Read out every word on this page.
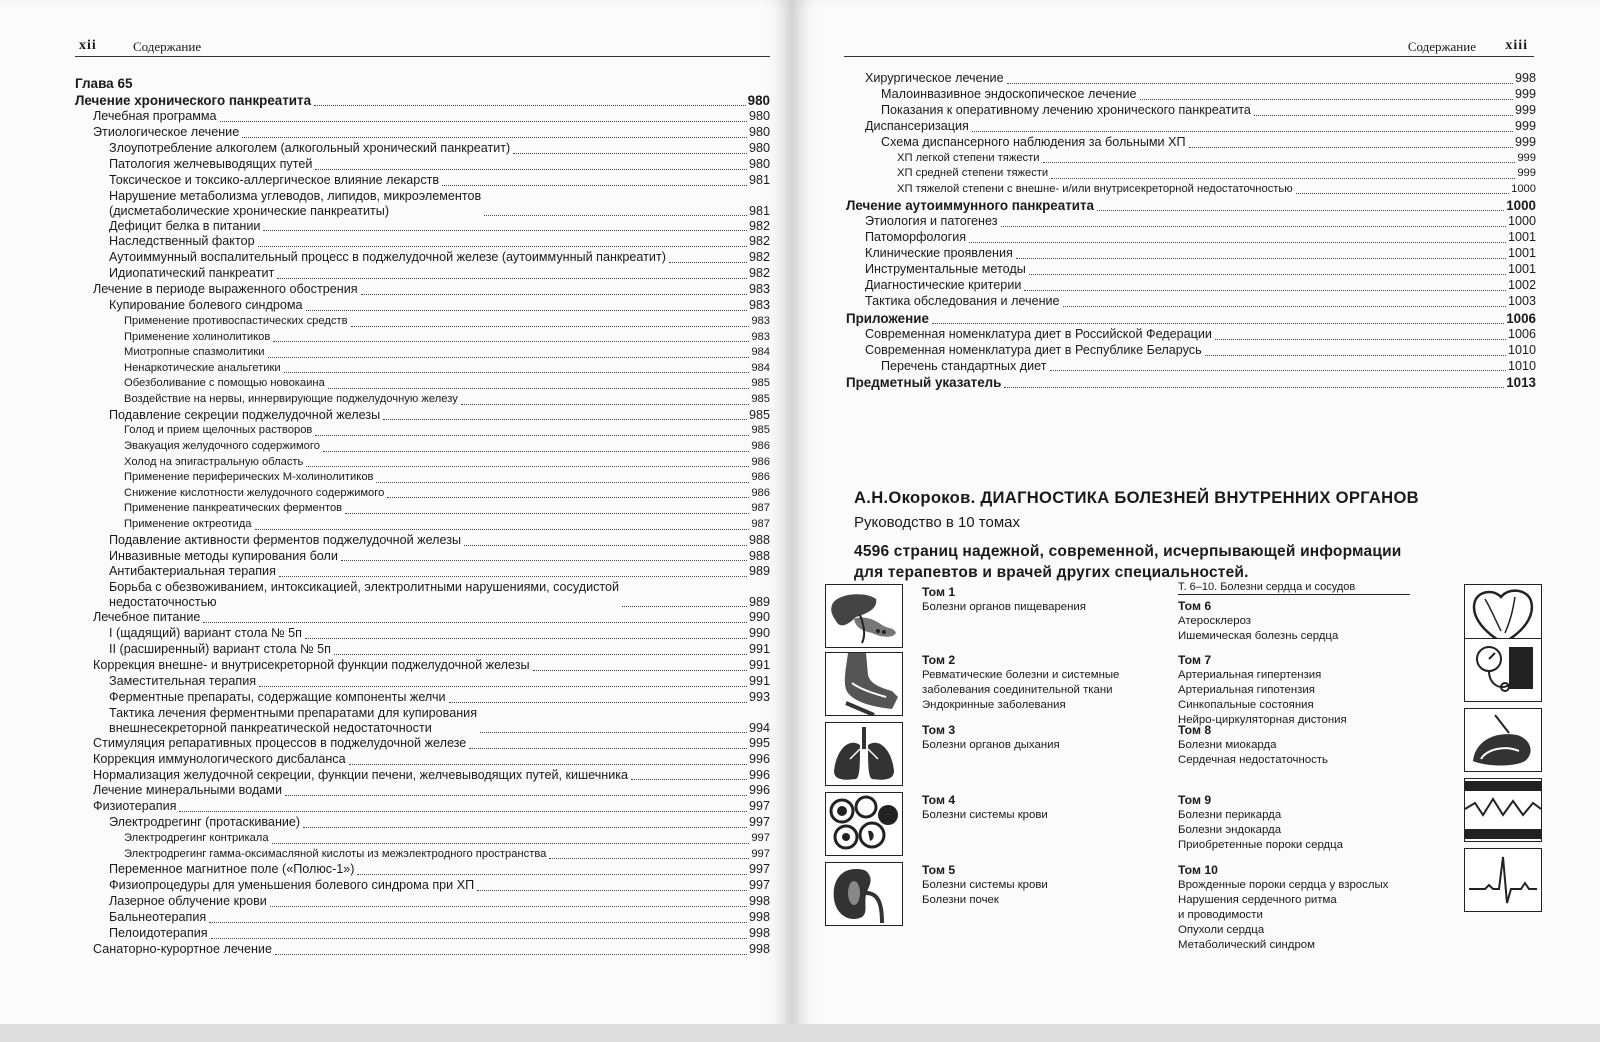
xii	Содержание
Глава 65
Лечение хронического панкреатита	980
Лечебная программа	980
Этиологическое лечение	980
Злоупотребление алкоголем (алкогольный хронический панкреатит)	980
Патология желчевыводящих путей	980
Токсическое и токсико-аллергическое влияние лекарств	981
Нарушение метаболизма углеводов, липидов, микроэлементов
(дисметаболические хронические панкреатиты)	981
Дефицит белка в питании	982
Наследственный фактор	982
Аутоиммунный воспалительный процесс в поджелудочной железе (аутоиммунный панкреатит)	982
Идиопатический панкреатит	982
Лечение в периоде выраженного обострения	983
Купирование болевого синдрома	983
Применение противоспастических средств	983
Применение холинолитиков	983
Миотропные спазмолитики	984
Ненаркотические анальгетики	984
Обезболивание с помощью новокаина	985
Воздействие на нервы, иннервирующие поджелудочную железу	985
Подавление секреции поджелудочной железы	985
Голод и прием щелочных растворов	985
Эвакуация желудочного содержимого	986
Холод на эпигастральную область	986
Применение периферических М-холинолитиков	986
Снижение кислотности желудочного содержимого	986
Применение панкреатических ферментов	987
Применение октреотида	987
Подавление активности ферментов поджелудочной железы	988
Инвазивные методы купирования боли	988
Антибактериальная терапия	989
Борьба с обезвоживанием, интоксикацией, электролитными нарушениями, сосудистой
недостаточностью	989
Лечебное питание	990
I (щадящий) вариант стола № 5п	990
II (расширенный) вариант стола № 5п	991
Коррекция внешне- и внутрисекреторной функции поджелудочной железы	991
Заместительная терапия	991
Ферментные препараты, содержащие компоненты желчи	993
Тактика лечения ферментными препаратами для купирования
внешнесекреторной панкреатической недостаточности	994
Стимуляция репаративных процессов в поджелудочной железе	995
Коррекция иммунологического дисбаланса	996
Нормализация желудочной секреции, функции печени, желчевыводящих путей, кишечника	996
Лечение минеральными водами	996
Физиотерапия	997
Электродрегинг (протаскивание)	997
Электродрегинг контрикала	997
Электродрегинг гамма-оксимасляной кислоты из межэлектродного пространства	997
Переменное магнитное поле («Полюс-1»)	997
Физиопроцедуры для уменьшения болевого синдрома при ХП	997
Лазерное облучение крови	998
Бальнеотерапия	998
Пелоидотерапия	998
Санаторно-курортное лечение	998
Содержание xiii
Хирургическое лечение	998
Малоинвазивное эндоскопическое лечение	999
Показания к оперативному лечению хронического панкреатита	999
Диспансеризация	999
Схема диспансерного наблюдения за больными ХП	999
ХП легкой степени тяжести	999
ХП средней степени тяжести	999
ХП тяжелой степени с внешне- и/или внутрисекреторной недостаточностью	1000
Лечение аутоиммунного панкреатита	1000
Этиология и патогенез	1000
Патоморфология	1001
Клинические проявления	1001
Инструментальные методы	1001
Диагностические критерии	1002
Тактика обследования и лечение	1003
Приложение	1006
Современная номенклатура диет в Российской Федерации	1006
Современная номенклатура диет в Республике Беларусь	1010
Перечень стандартных диет	1010
Предметный указатель	1013
А.Н.Окороков. ДИАГНОСТИКА БОЛЕЗНЕЙ ВНУТРЕННИХ ОРГАНОВ
Руководство в 10 томах
4596 страниц надежной, современной, исчерпывающей информации
для терапевтов и врачей других специальностей.
Т. 6–10. Болезни сердца и сосудов
Том 1
Болезни органов пищеварения
Том 2
Ревматические болезни и системные
заболевания соединительной ткани
Эндокринные заболевания
Том 3
Болезни органов дыхания
Том 4
Болезни системы крови
Том 5
Болезни системы крови
Болезни почек
Том 6
Атеросклероз
Ишемическая болезнь сердца
Том 7
Артериальная гипертензия
Артериальная гипотензия
Синкопальные состояния
Нейро-циркуляторная дистония
Том 8
Болезни миокарда
Сердечная недостаточность
Том 9
Болезни перикарда
Болезни эндокарда
Приобретенные пороки сердца
Том 10
Врожденные пороки сердца у взрослых
Нарушения сердечного ритма
и проводимости
Опухоли сердца
Метаболический синдром
